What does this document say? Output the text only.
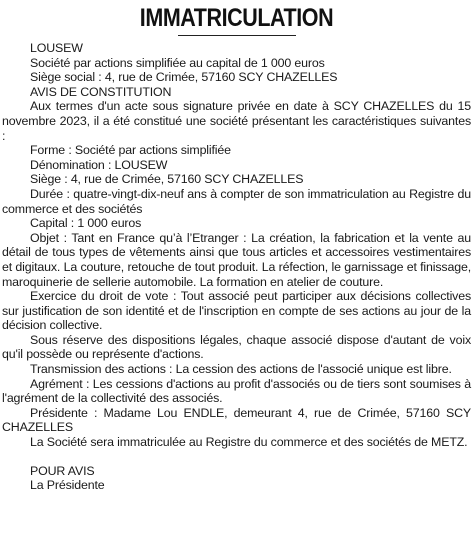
IMMATRICULATION

LOUSEW

Société par actions simplifiée au capital de 1 000 euros

Siège social : 4, rue de Crimée, 57160 SCY CHAZELLES

AVIS DE CONSTITUTION

Aux termes d'un acte sous signature privée en date à SCY CHAZELLES du 15 novembre 2023, il a été constitué une société présentant les caractéristiques suivantes :

Forme : Société par actions simplifiée

Dénomination : LOUSEW

Siège : 4, rue de Crimée, 57160 SCY CHAZELLES

Durée : quatre-vingt-dix-neuf ans à compter de son immatriculation au Registre du commerce et des sociétés

Capital : 1 000 euros

Objet : Tant en France qu’à l’Etranger : La création, la fabrication et la vente au détail de tous types de vêtements ainsi que tous articles et accessoires vestimentaires et digitaux. La couture, retouche de tout produit. La réfection, le garnissage et finissage, maroquinerie de sellerie automobile. La formation en atelier de couture.

Exercice du droit de vote : Tout associé peut participer aux décisions collectives sur justification de son identité et de l'inscription en compte de ses actions au jour de la décision collective.

Sous réserve des dispositions légales, chaque associé dispose d'autant de voix qu'il possède ou représente d'actions.

Transmission des actions : La cession des actions de l'associé unique est libre.

Agrément : Les cessions d'actions au profit d'associés ou de tiers sont soumises à l'agrément de la collectivité des associés.

Présidente : Madame Lou ENDLE, demeurant 4, rue de Crimée, 57160 SCY CHAZELLES

La Société sera immatriculée au Registre du commerce et des sociétés de METZ.

POUR AVIS

La Présidente
